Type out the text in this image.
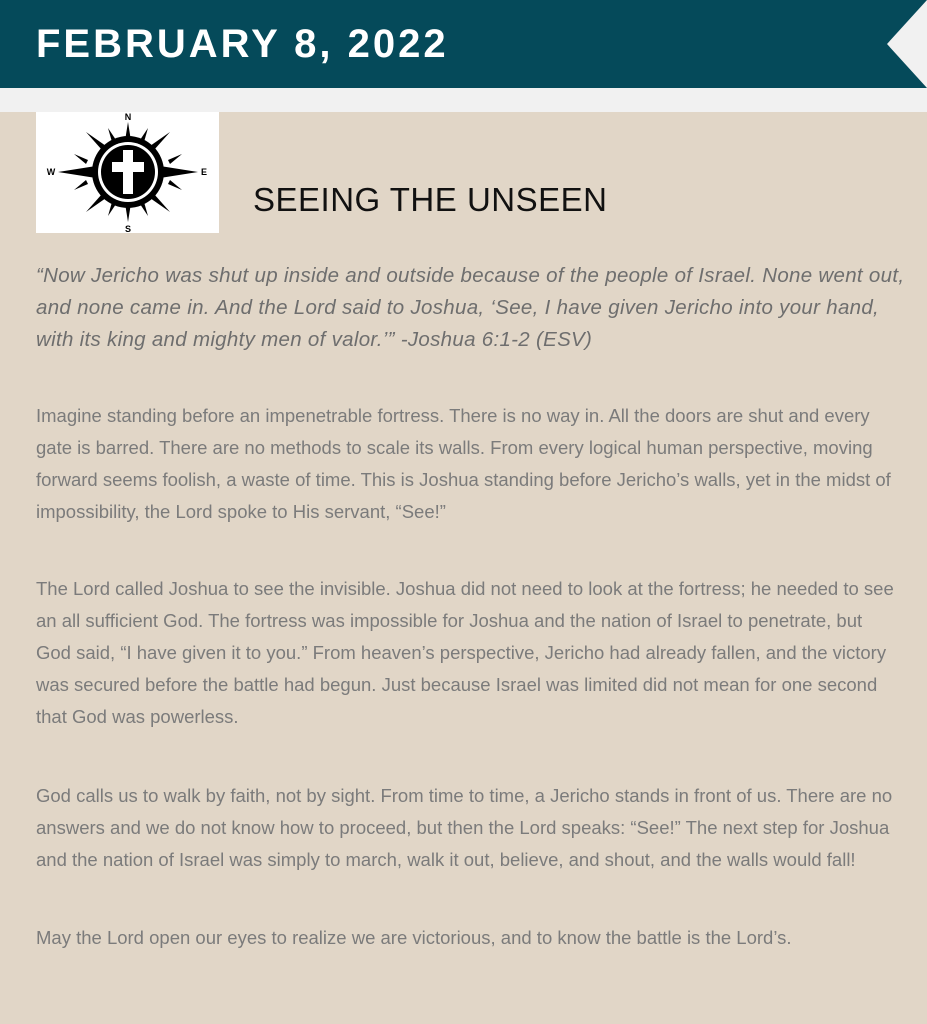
FEBRUARY 8, 2022
N
S
W	E
SEEING THE UNSEEN

“Now Jericho was shut up inside and outside because of the people of Israel. None went out, and none came in. And the Lord said to Joshua, ‘See, I have given Jericho into your hand, with its king and mighty men of valor.’” -Joshua 6:1-2 (ESV)

Imagine standing before an impenetrable fortress. There is no way in. All the doors are shut and every gate is barred. There are no methods to scale its walls. From every logical human perspective, moving forward seems foolish, a waste of time. This is Joshua standing before Jericho’s walls, yet in the midst of impossibility, the Lord spoke to His servant, “See!”

The Lord called Joshua to see the invisible. Joshua did not need to look at the fortress; he needed to see an all sufficient God. The fortress was impossible for Joshua and the nation of Israel to penetrate, but God said, “I have given it to you.” From heaven’s perspective, Jericho had already fallen, and the victory was secured before the battle had begun. Just because Israel was limited did not mean for one second that God was powerless.

God calls us to walk by faith, not by sight. From time to time, a Jericho stands in front of us. There are no answers and we do not know how to proceed, but then the Lord speaks: “See!” The next step for Joshua and the nation of Israel was simply to march, walk it out, believe, and shout, and the walls would fall!

May the Lord open our eyes to realize we are victorious, and to know the battle is the Lord’s.
